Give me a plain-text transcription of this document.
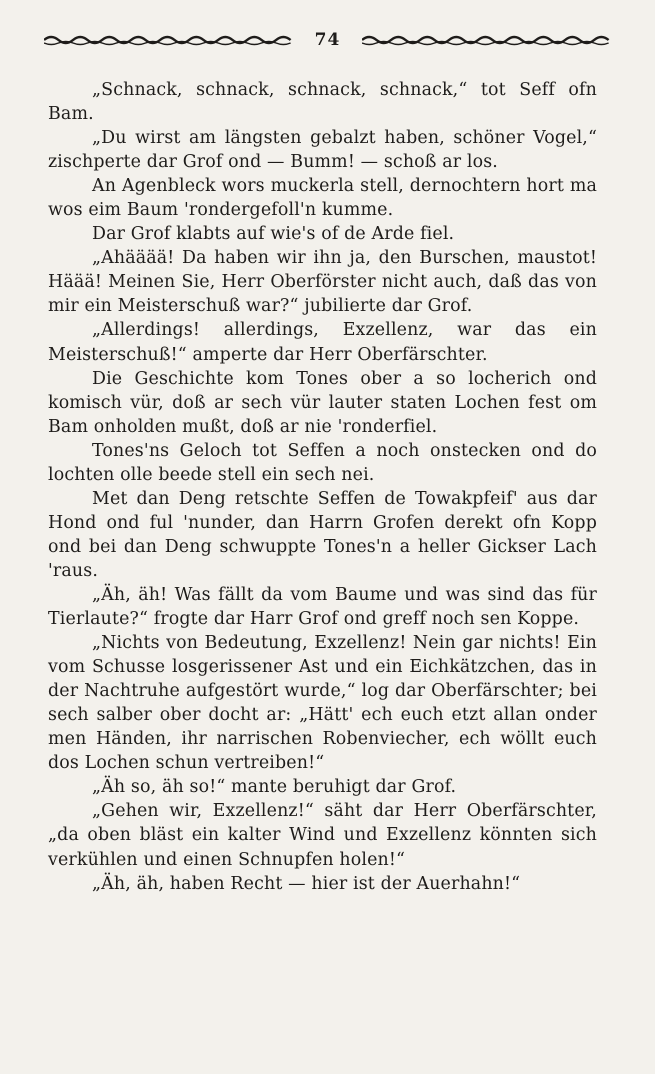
74

„Schnack, schnack, schnack, schnack,“ tot Seff ofn Bam.

„Du wirst am längsten gebalzt haben, schöner Vogel,“ zischperte dar Grof ond — Bumm! — schoß ar los.

An Agenbleck wors muckerla stell, dernochtern hort ma wos eim Baum 'rondergefoll'n kumme.

Dar Grof klabts auf wie's of de Arde fiel.

„Ahääää! Da haben wir ihn ja, den Burschen, maustot! Häää! Meinen Sie, Herr Oberförster nicht auch, daß das von mir ein Meisterschuß war?“ jubilierte dar Grof.

„Allerdings! allerdings, Exzellenz, war das ein Meisterschuß!“ amperte dar Herr Oberfärschter.

Die Geschichte kom Tones ober a so locherich ond komisch vür, doß ar sech vür lauter staten Lochen fest om Bam onholden mußt, doß ar nie 'ronderfiel.

Tones'ns Geloch tot Seffen a noch onstecken ond do lochten olle beede stell ein sech nei.

Met dan Deng retschte Seffen de Towakpfeif' aus dar Hond ond ful 'nunder, dan Harrn Grofen derekt ofn Kopp ond bei dan Deng schwuppte Tones'n a heller Gickser Lach 'raus.

„Äh, äh! Was fällt da vom Baume und was sind das für Tierlaute?“ frogte dar Harr Grof ond greff noch sen Koppe.

„Nichts von Bedeutung, Exzellenz! Nein gar nichts! Ein vom Schusse losgerissener Ast und ein Eichkätzchen, das in der Nachtruhe aufgestört wurde,“ log dar Oberfärschter; bei sech salber ober docht ar: „Hätt' ech euch etzt allan onder men Händen, ihr narrischen Robenviecher, ech wöllt euch dos Lochen schun vertreiben!“

„Äh so, äh so!“ mante beruhigt dar Grof.

„Gehen wir, Exzellenz!“ säht dar Herr Oberfärschter, „da oben bläst ein kalter Wind und Exzellenz könnten sich verkühlen und einen Schnupfen holen!“

„Äh, äh, haben Recht — hier ist der Auerhahn!“
